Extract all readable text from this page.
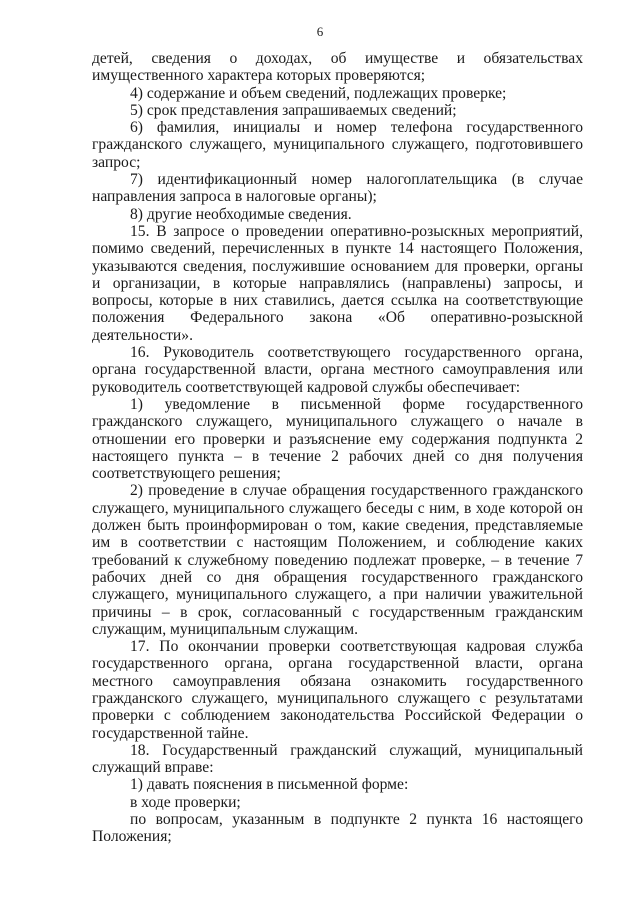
6

детей, сведения о доходах, об имуществе и обязательствах имущественного характера которых проверяются;

4) содержание и объем сведений, подлежащих проверке;

5) срок представления запрашиваемых сведений;

6) фамилия, инициалы и номер телефона государственного гражданского служащего, муниципального служащего, подготовившего запрос;

7) идентификационный номер налогоплательщика (в случае направления запроса в налоговые органы);

8) другие необходимые сведения.

15. В запросе о проведении оперативно-розыскных мероприятий, помимо сведений, перечисленных в пункте 14 настоящего Положения, указываются сведения, послужившие основанием для проверки, органы и организации, в которые направлялись (направлены) запросы, и вопросы, которые в них ставились, дается ссылка на соответствующие положения Федерального закона «Об оперативно-розыскной деятельности».

16. Руководитель соответствующего государственного органа, органа государственной власти, органа местного самоуправления или руководитель соответствующей кадровой службы обеспечивает:

1) уведомление в письменной форме государственного гражданского служащего, муниципального служащего о начале в отношении его проверки и разъяснение ему содержания подпункта 2 настоящего пункта – в течение 2 рабочих дней со дня получения соответствующего решения;

2) проведение в случае обращения государственного гражданского служащего, муниципального служащего беседы с ним, в ходе которой он должен быть проинформирован о том, какие сведения, представляемые им в соответствии с настоящим Положением, и соблюдение каких требований к служебному поведению подлежат проверке, – в течение 7 рабочих дней со дня обращения государственного гражданского служащего, муниципального служащего, а при наличии уважительной причины – в срок, согласованный с государственным гражданским служащим, муниципальным служащим.

17. По окончании проверки соответствующая кадровая служба государственного органа, органа государственной власти, органа местного самоуправления обязана ознакомить государственного гражданского служащего, муниципального служащего с результатами проверки с соблюдением законодательства Российской Федерации о государственной тайне.

18. Государственный гражданский служащий, муниципальный служащий вправе:

1) давать пояснения в письменной форме:

в ходе проверки;

по вопросам, указанным в подпункте 2 пункта 16 настоящего Положения;
